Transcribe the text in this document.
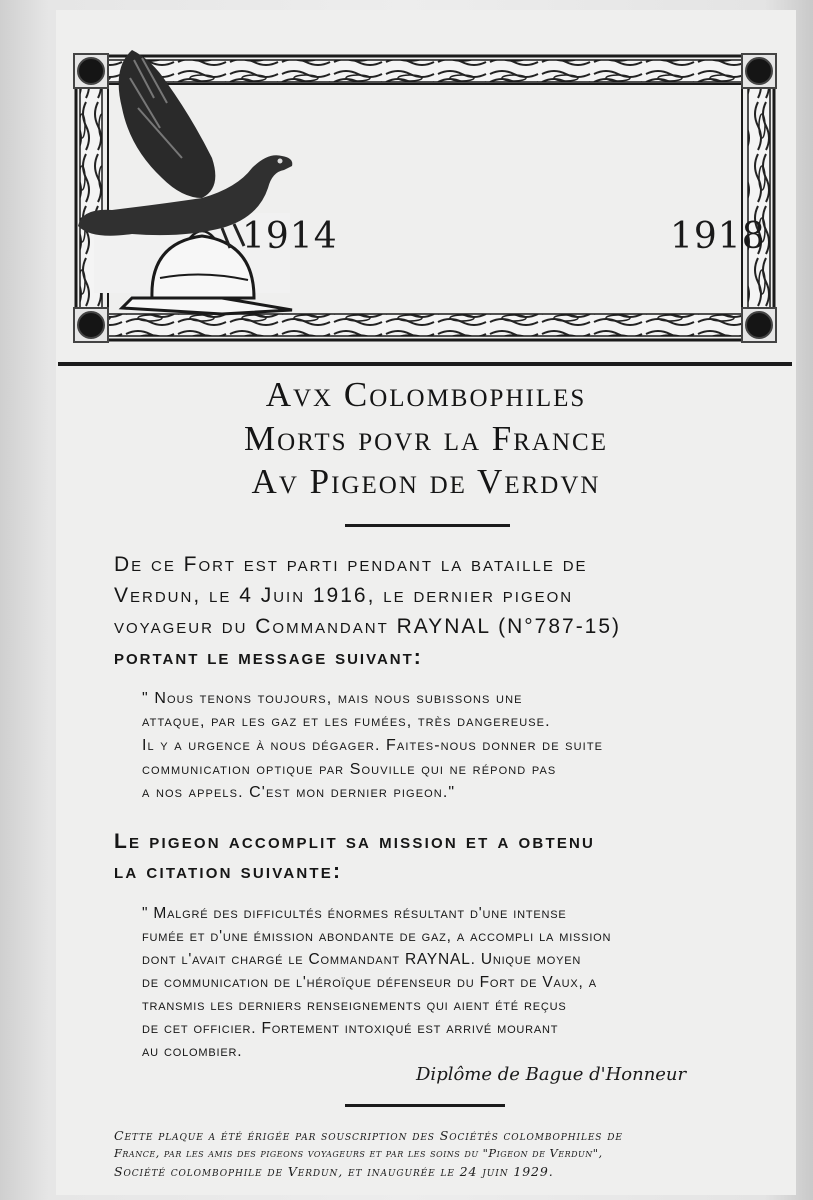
1914	1918
Avx Colombophiles
Morts povr la France
Av Pigeon de Verdvn
De ce Fort est parti pendant la bataille de
Verdun, le 4 Juin 1916, le dernier pigeon
voyageur du Commandant RAYNAL (N°787-15)
portant le message suivant:
" Nous tenons toujours, mais nous subissons une
attaque, par les gaz et les fumées, très dangereuse.
Il y a urgence à nous dégager. Faites-nous donner de suite
communication optique par Souville qui ne répond pas
a nos appels. C'est mon dernier pigeon."
Le pigeon accomplit sa mission et a obtenu
la citation suivante:
" Malgré des difficultés énormes résultant d'une intense
fumée et d'une émission abondante de gaz, a accompli la mission
dont l'avait chargé le Commandant RAYNAL. Unique moyen
de communication de l'héroïque défenseur du Fort de Vaux, a
transmis les derniers renseignements qui aient été reçus
de cet officier. Fortement intoxiqué est arrivé mourant
au colombier.
Diplôme de Bague d'Honneur
Cette plaque a été érigée par souscription des Sociétés colombophiles de
France, par les amis des pigeons voyageurs et par les soins du "Pigeon de Verdun",
Société colombophile de Verdun, et inaugurée le 24 juin 1929.
